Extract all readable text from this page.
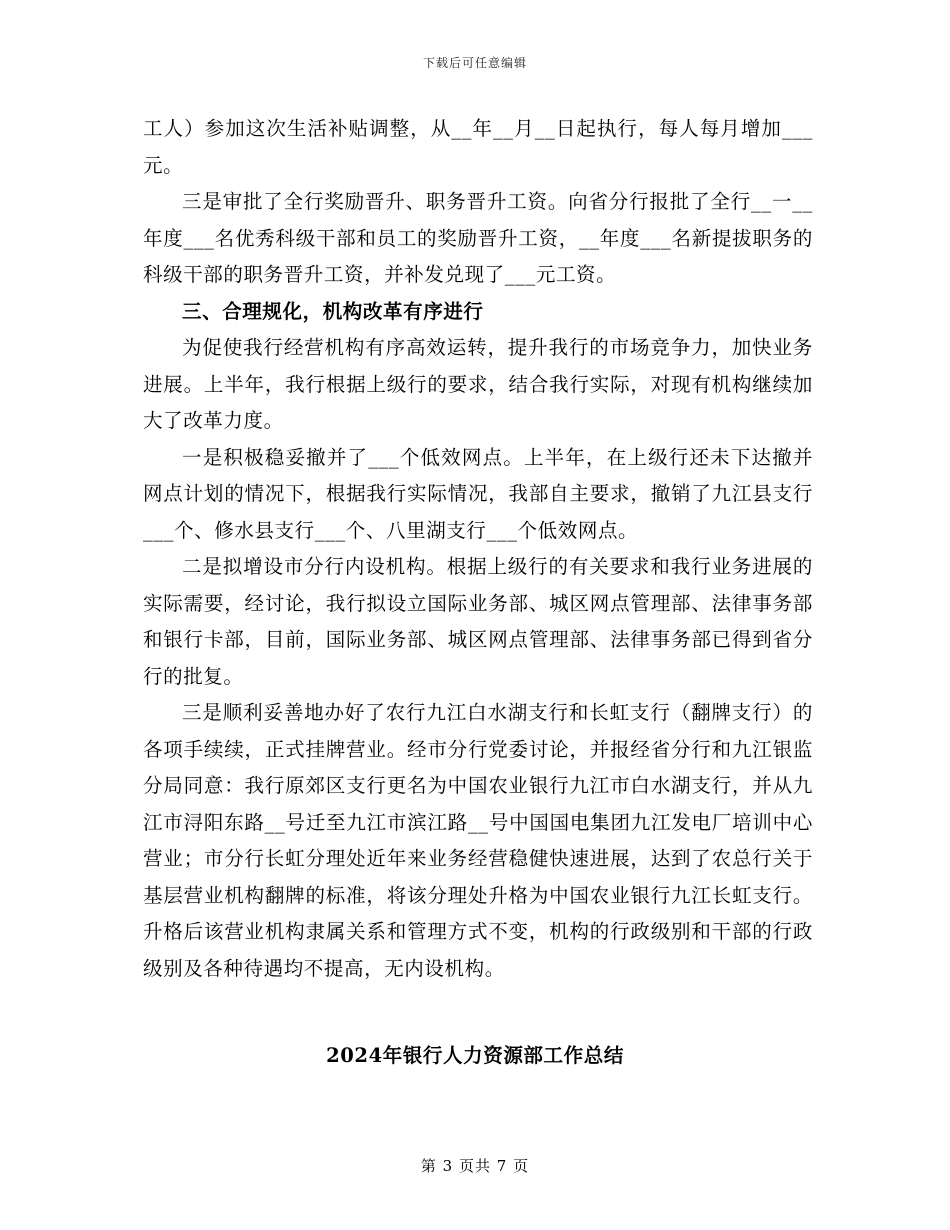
下载后可任意编辑

工人）参加这次生活补贴调整，从__年__月__日起执行，每人每月增加___元。

三是审批了全行奖励晋升、职务晋升工资。向省分行报批了全行__一__年度___名优秀科级干部和员工的奖励晋升工资，__年度___名新提拔职务的科级干部的职务晋升工资，并补发兑现了___元工资。

三、合理规化，机构改革有序进行

为促使我行经营机构有序高效运转，提升我行的市场竞争力，加快业务进展。上半年，我行根据上级行的要求，结合我行实际，对现有机构继续加大了改革力度。

一是积极稳妥撤并了___个低效网点。上半年，在上级行还未下达撤并网点计划的情况下，根据我行实际情况，我部自主要求，撤销了九江县支行___个、修水县支行___个、八里湖支行___个低效网点。

二是拟增设市分行内设机构。根据上级行的有关要求和我行业务进展的实际需要，经讨论，我行拟设立国际业务部、城区网点管理部、法律事务部和银行卡部，目前，国际业务部、城区网点管理部、法律事务部已得到省分行的批复。

三是顺利妥善地办好了农行九江白水湖支行和长虹支行（翻牌支行）的各项手续续，正式挂牌营业。经市分行党委讨论，并报经省分行和九江银监分局同意：我行原郊区支行更名为中国农业银行九江市白水湖支行，并从九江市浔阳东路__号迁至九江市滨江路__号中国国电集团九江发电厂培训中心营业；市分行长虹分理处近年来业务经营稳健快速进展，达到了农总行关于基层营业机构翻牌的标准，将该分理处升格为中国农业银行九江长虹支行。升格后该营业机构隶属关系和管理方式不变，机构的行政级别和干部的行政级别及各种待遇均不提高，无内设机构。

2024年银行人力资源部工作总结
第 3 页共 7 页
